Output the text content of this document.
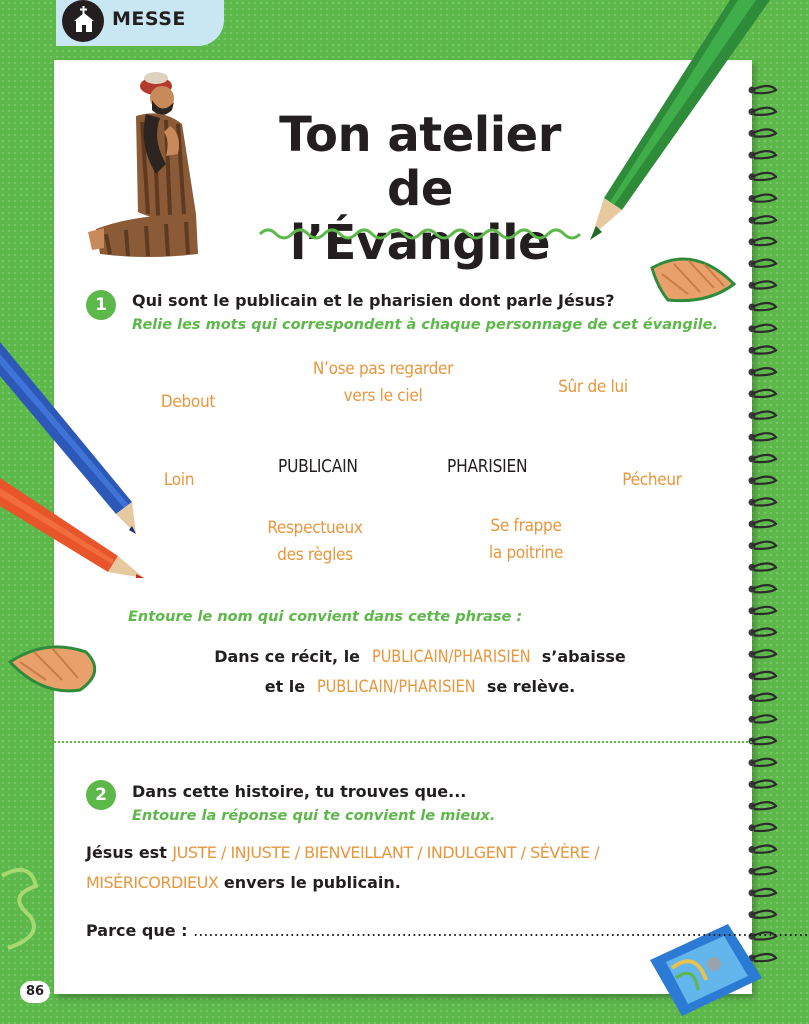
MESSE
Ton atelier
de l’Évangile
1	Qui sont le publicain et le pharisien dont parle Jésus?
Relie les mots qui correspondent à chaque personnage de cet évangile.
Debout
N’ose pas regarder
vers le ciel	Sûr de lui
Loin	Pécheur
Respectueux
des règles
Se frappe
la poitrine
PUBLICAIN	PHARISIEN
Entoure le nom qui convient dans cette phrase :
Dans ce récit, le PUBLICAIN/PHARISIEN s’abaisse
et le PUBLICAIN/PHARISIEN se relève.
2	Dans cette histoire, tu trouves que...
Entoure la réponse qui te convient le mieux.
Jésus est JUSTE / INJUSTE / BIENVEILLANT / INDULGENT / SÉVÈRE /
MISÉRICORDIEUX envers le publicain.
Parce que : .........................................................................................................................
86
